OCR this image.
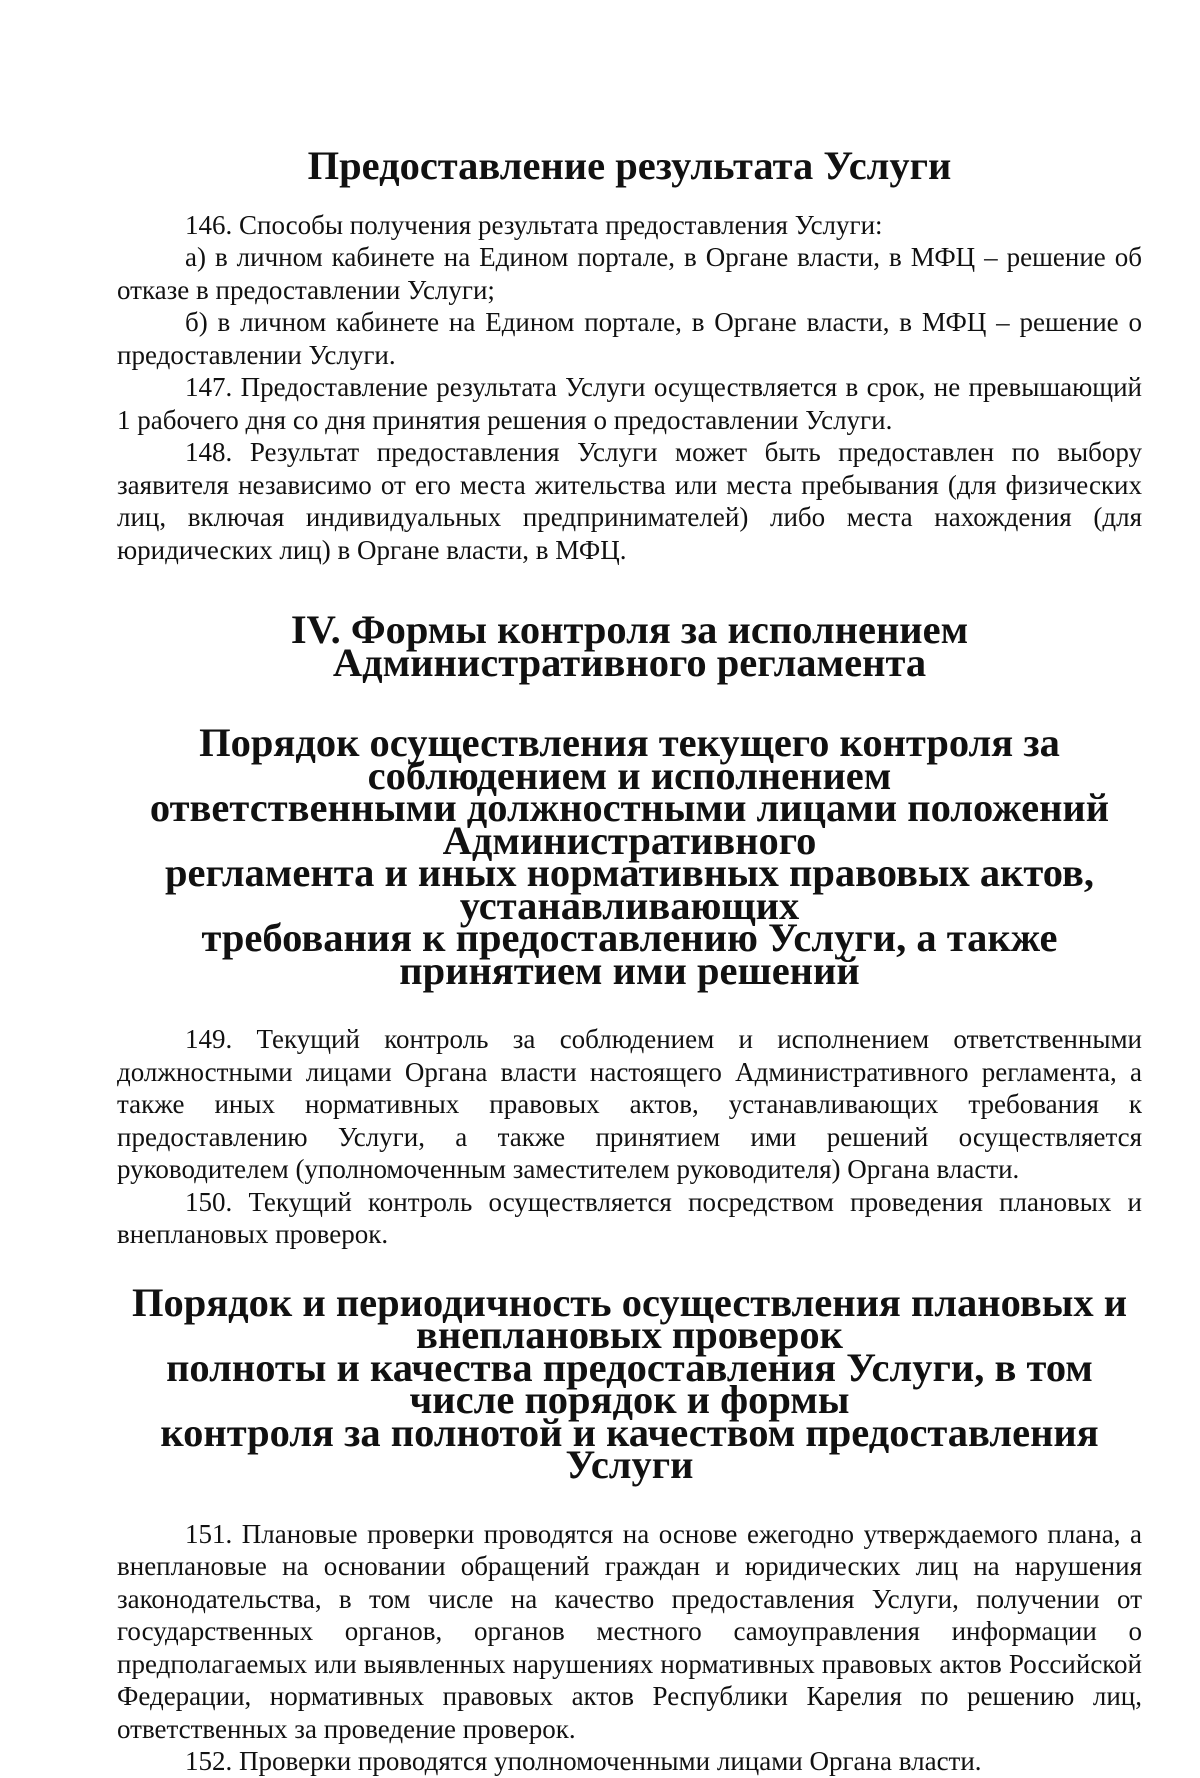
Предоставление результата Услуги

146. Способы получения результата предоставления Услуги:

а) в личном кабинете на Едином портале, в Органе власти, в МФЦ – решение об отказе в предоставлении Услуги;

б) в личном кабинете на Едином портале, в Органе власти, в МФЦ – решение о предоставлении Услуги.

147. Предоставление результата Услуги осуществляется в срок, не превышающий 1 рабочего дня со дня принятия решения о предоставлении Услуги.

148. Результат предоставления Услуги может быть предоставлен по выбору заявителя независимо от его места жительства или места пребывания (для физических лиц, включая индивидуальных предпринимателей) либо места нахождения (для юридических лиц) в Органе власти, в МФЦ.

IV. Формы контроля за исполнением Административного регламента
Порядок осуществления текущего контроля за соблюдением и исполнением
ответственными должностными лицами положений Административного
регламента и иных нормативных правовых актов, устанавливающих
требования к предоставлению Услуги, а также принятием ими решений

149. Текущий контроль за соблюдением и исполнением ответственными должностными лицами Органа власти настоящего Административного регламента, а также иных нормативных правовых актов, устанавливающих требования к предоставлению Услуги, а также принятием ими решений осуществляется руководителем (уполномоченным заместителем руководителя) Органа власти.

150. Текущий контроль осуществляется посредством проведения плановых и внеплановых проверок.

Порядок и периодичность осуществления плановых и внеплановых проверок
полноты и качества предоставления Услуги, в том числе порядок и формы
контроля за полнотой и качеством предоставления Услуги

151. Плановые проверки проводятся на основе ежегодно утверждаемого плана, а внеплановые на основании обращений граждан и юридических лиц на нарушения законодательства, в том числе на качество предоставления Услуги, получении от государственных органов, органов местного самоуправления информации о предполагаемых или выявленных нарушениях нормативных правовых актов Российской Федерации, нормативных правовых актов Республики Карелия по решению лиц, ответственных за проведение проверок.

152. Проверки проводятся уполномоченными лицами Органа власти.
